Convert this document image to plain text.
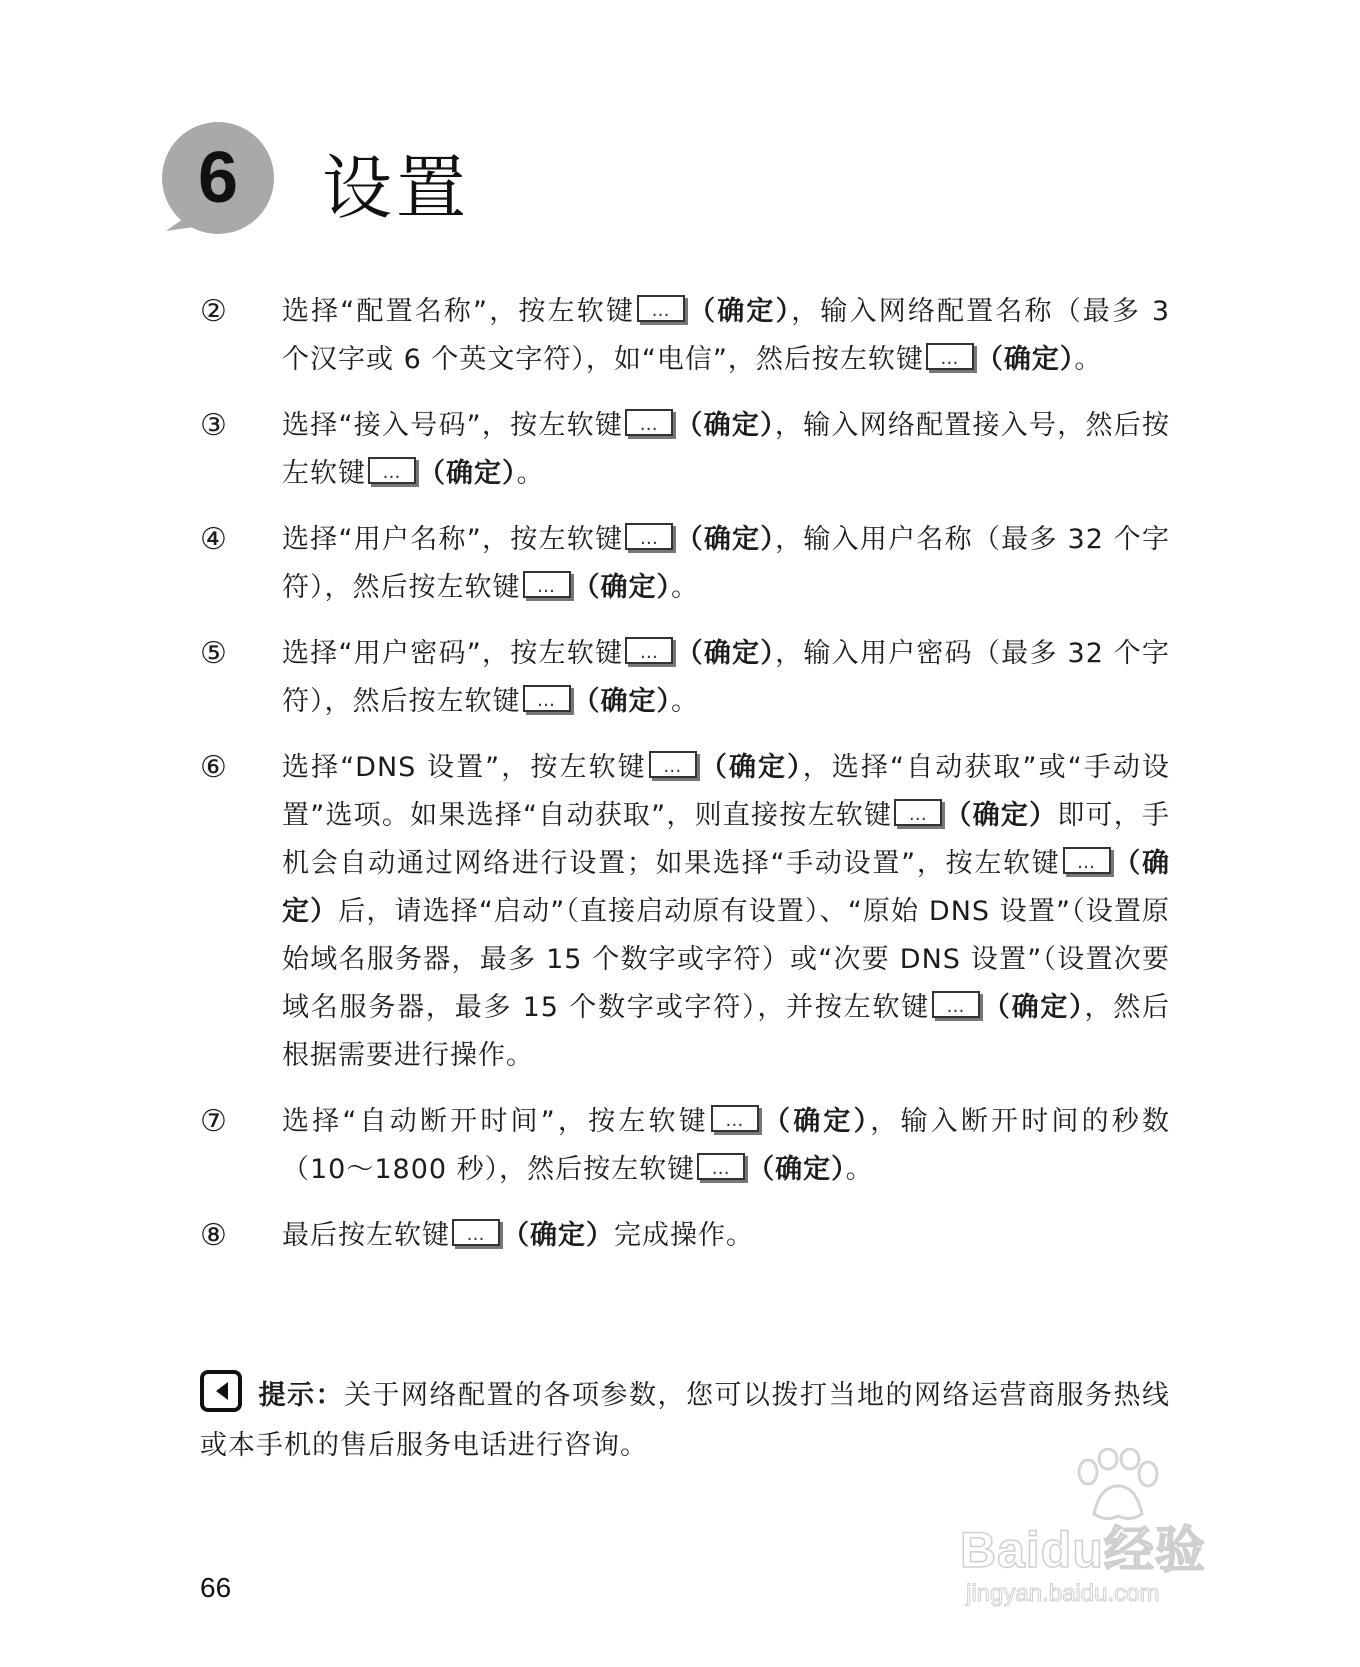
6	设置
② 选择“配置名称”，按左软键 … （确定），输入网络配置名称（最多 3 个汉字或 6 个英文字符），如“电信”，然后按左软键 … （确定）。
③ 选择“接入号码”，按左软键 … （确定），输入网络配置接入号，然后按左软键 … （确定）。
④ 选择“用户名称”，按左软键 … （确定），输入用户名称（最多 32 个字符），然后按左软键 … （确定）。
⑤ 选择“用户密码”，按左软键 … （确定），输入用户密码（最多 32 个字符），然后按左软键 … （确定）。
⑥ 选择“DNS 设置”，按左软键 … （确定），选择“自动获取”或“手动设置”选项。如果选择“自动获取”，则直接按左软键 … （确定）即可，手机会自动通过网络进行设置；如果选择“手动设置”，按左软键 … （确定）后，请选择“启动”（直接启动原有设置）、“原始 DNS 设置”（设置原始域名服务器，最多 15 个数字或字符）或“次要 DNS 设置”（设置次要域名服务器，最多 15 个数字或字符），并按左软键 … （确定），然后根据需要进行操作。
⑦ 选择“自动断开时间”，按左软键 … （确定），输入断开时间的秒数（10～1800 秒），然后按左软键 … （确定）。
⑧ 最后按左软键 … （确定）完成操作。
提示：关于网络配置的各项参数，您可以拨打当地的网络运营商服务热线或本手机的售后服务电话进行咨询。
66
Baidu经验
jingyan.baidu.com
